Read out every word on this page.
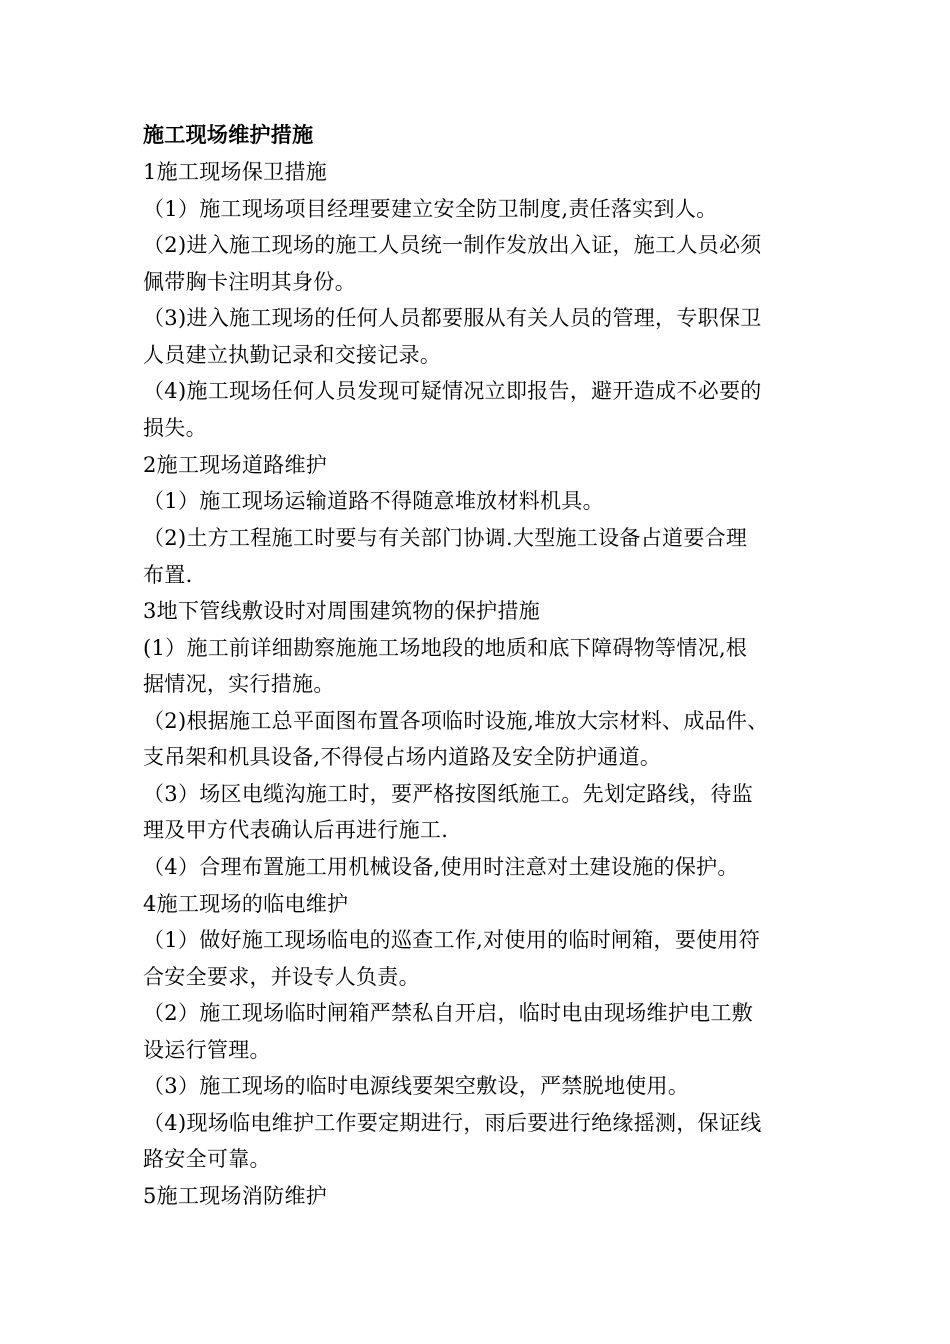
施工现场维护措施
1施工现场保卫措施
（1）施工现场项目经理要建立安全防卫制度,责任落实到人。
（2)进入施工现场的施工人员统一制作发放出入证，施工人员必须
佩带胸卡注明其身份。
（3)进入施工现场的任何人员都要服从有关人员的管理，专职保卫
人员建立执勤记录和交接记录。
（4)施工现场任何人员发现可疑情况立即报告，避开造成不必要的
损失。
2施工现场道路维护
（1）施工现场运输道路不得随意堆放材料机具。
（2)土方工程施工时要与有关部门协调.大型施工设备占道要合理
布置.
3地下管线敷设时对周围建筑物的保护措施
(1）施工前详细勘察施施工场地段的地质和底下障碍物等情况,根
据情况，实行措施。
（2)根据施工总平面图布置各项临时设施,堆放大宗材料、成品件、
支吊架和机具设备,不得侵占场内道路及安全防护通道。
（3）场区电缆沟施工时，要严格按图纸施工。先划定路线，待监
理及甲方代表确认后再进行施工.
（4）合理布置施工用机械设备,使用时注意对土建设施的保护。
4施工现场的临电维护
（1）做好施工现场临电的巡查工作,对使用的临时闸箱，要使用符
合安全要求，并设专人负责。
（2）施工现场临时闸箱严禁私自开启，临时电由现场维护电工敷
设运行管理。
（3）施工现场的临时电源线要架空敷设，严禁脱地使用。
（4)现场临电维护工作要定期进行，雨后要进行绝缘摇测，保证线
路安全可靠。
5施工现场消防维护
